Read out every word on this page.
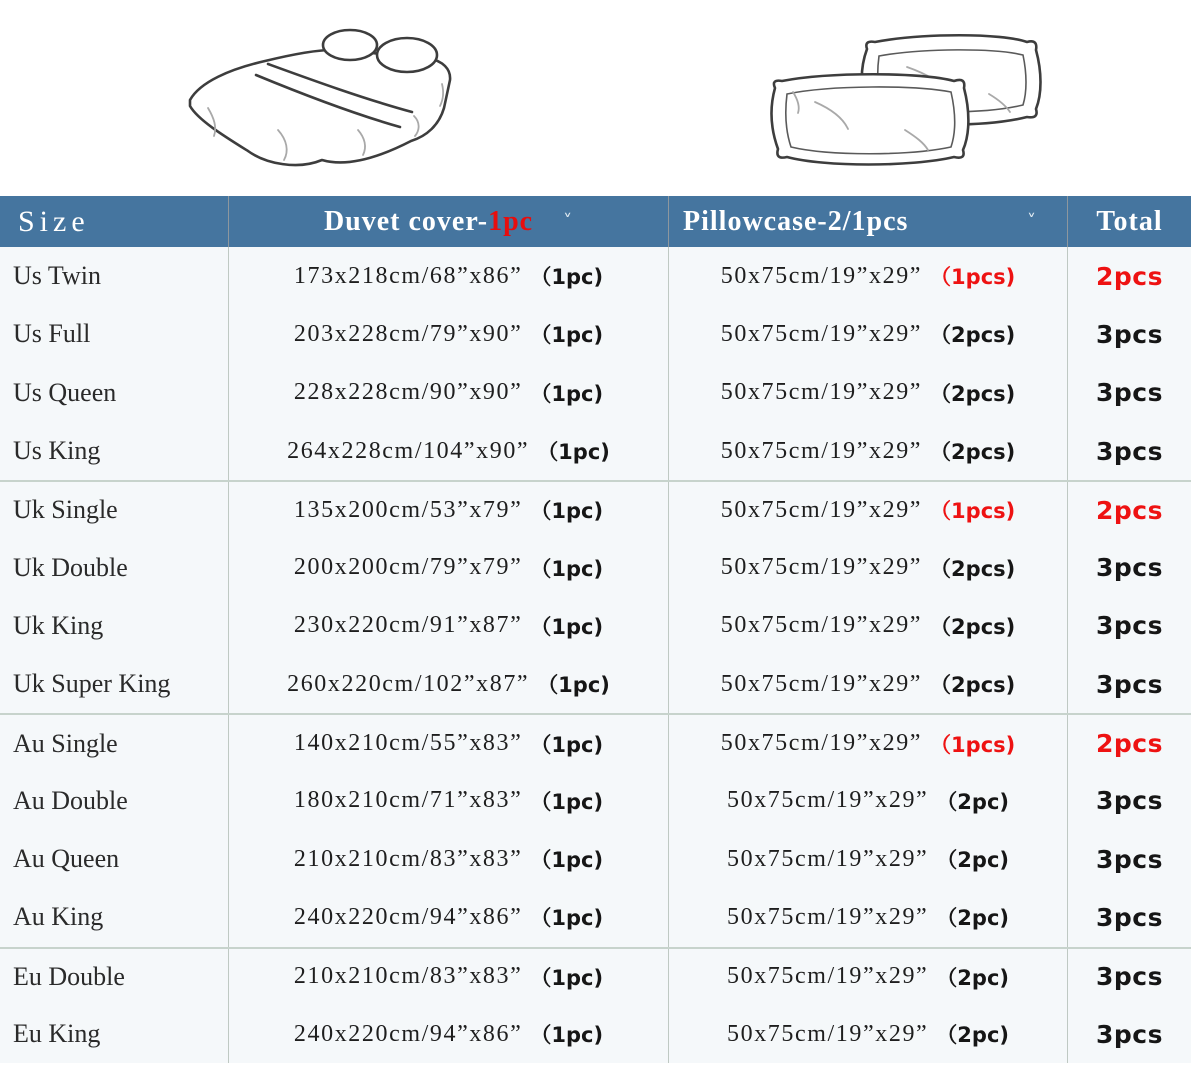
Size	Duvet cover- 1pc ˅	Pillowcase-2/1pcs	˅ Total
Us Twin	173x218cm/68”x86” （1pc)	50x75cm/19”x29” （1pcs)	2pcs
Us Full	203x228cm/79”x90” （1pc)	50x75cm/19”x29” （2pcs)	3pcs
Us Queen	228x228cm/90”x90” （1pc)	50x75cm/19”x29” （2pcs)	3pcs
Us King	264x228cm/104”x90” （1pc)	50x75cm/19”x29” （2pcs)	3pcs
Uk Single	135x200cm/53”x79” （1pc)	50x75cm/19”x29” （1pcs)	2pcs
Uk Double	200x200cm/79”x79” （1pc)	50x75cm/19”x29” （2pcs)	3pcs
Uk King	230x220cm/91”x87” （1pc)	50x75cm/19”x29” （2pcs)	3pcs
Uk Super King	260x220cm/102”x87” （1pc)	50x75cm/19”x29” （2pcs)	3pcs
Au Single	140x210cm/55”x83” （1pc)	50x75cm/19”x29” （1pcs)	2pcs
Au Double	180x210cm/71”x83” （1pc)	50x75cm/19”x29” （2pc)	3pcs
Au Queen	210x210cm/83”x83” （1pc)	50x75cm/19”x29” （2pc)	3pcs
Au King	240x220cm/94”x86” （1pc)	50x75cm/19”x29” （2pc)	3pcs
Eu Double	210x210cm/83”x83” （1pc)	50x75cm/19”x29” （2pc)	3pcs
Eu King	240x220cm/94”x86” （1pc)	50x75cm/19”x29” （2pc)	3pcs
